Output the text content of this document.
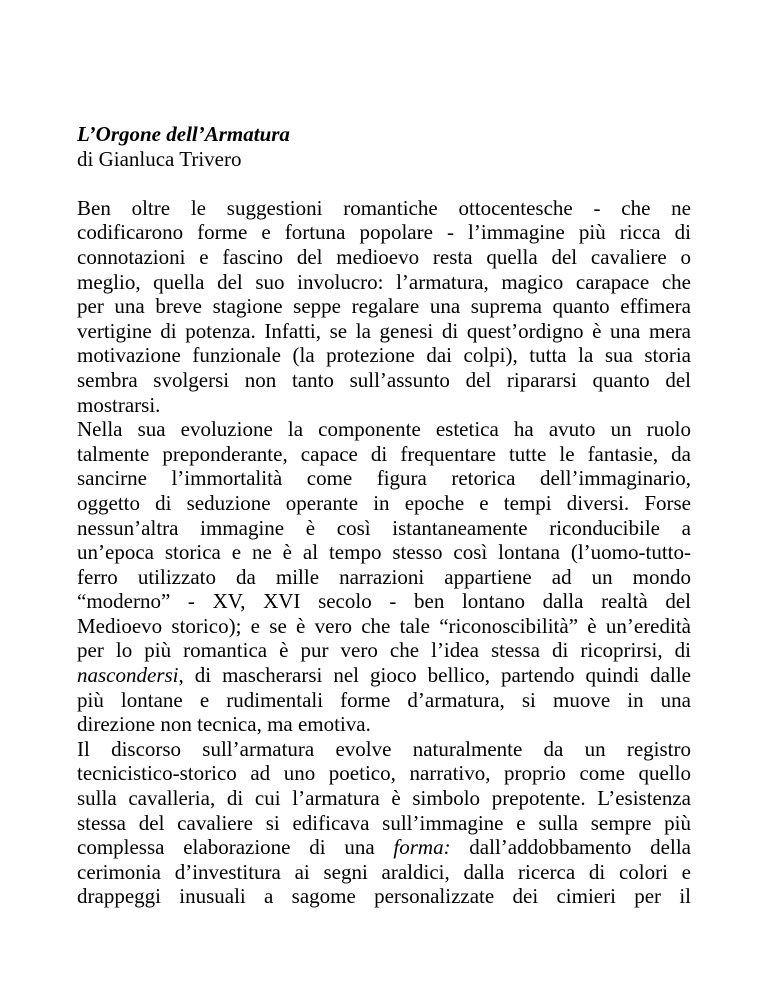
L’Orgone dell’Armatura

di Gianluca Trivero

Ben oltre le suggestioni romantiche ottocentesche - che ne
codificarono forme e fortuna popolare - l’immagine più ricca di
connotazioni e fascino del medioevo resta quella del cavaliere o
meglio, quella del suo involucro: l’armatura, magico carapace che
per una breve stagione seppe regalare una suprema quanto effimera
vertigine di potenza. Infatti, se la genesi di quest’ordigno è una mera
motivazione funzionale (la protezione dai colpi), tutta la sua storia
sembra svolgersi non tanto sull’assunto del ripararsi quanto del
mostrarsi.
Nella sua evoluzione la componente estetica ha avuto un ruolo
talmente preponderante, capace di frequentare tutte le fantasie, da
sancirne l’immortalità come figura retorica dell’immaginario,
oggetto di seduzione operante in epoche e tempi diversi. Forse
nessun’altra immagine è così istantaneamente riconducibile a
un’epoca storica e ne è al tempo stesso così lontana (l’uomo-tutto-
ferro utilizzato da mille narrazioni appartiene ad un mondo
“moderno” - XV, XVI secolo - ben lontano dalla realtà del
Medioevo storico); e se è vero che tale “riconoscibilità” è un’eredità
per lo più romantica è pur vero che l’idea stessa di ricoprirsi, di
nascondersi, di mascherarsi nel gioco bellico, partendo quindi dalle
più lontane e rudimentali forme d’armatura, si muove in una
direzione non tecnica, ma emotiva.
Il discorso sull’armatura evolve naturalmente da un registro
tecnicistico-storico ad uno poetico, narrativo, proprio come quello
sulla cavalleria, di cui l’armatura è simbolo prepotente. L’esistenza
stessa del cavaliere si edificava sull’immagine e sulla sempre più
complessa elaborazione di una forma: dall’addobbamento della
cerimonia d’investitura ai segni araldici, dalla ricerca di colori e
drappeggi inusuali a sagome personalizzate dei cimieri per il
